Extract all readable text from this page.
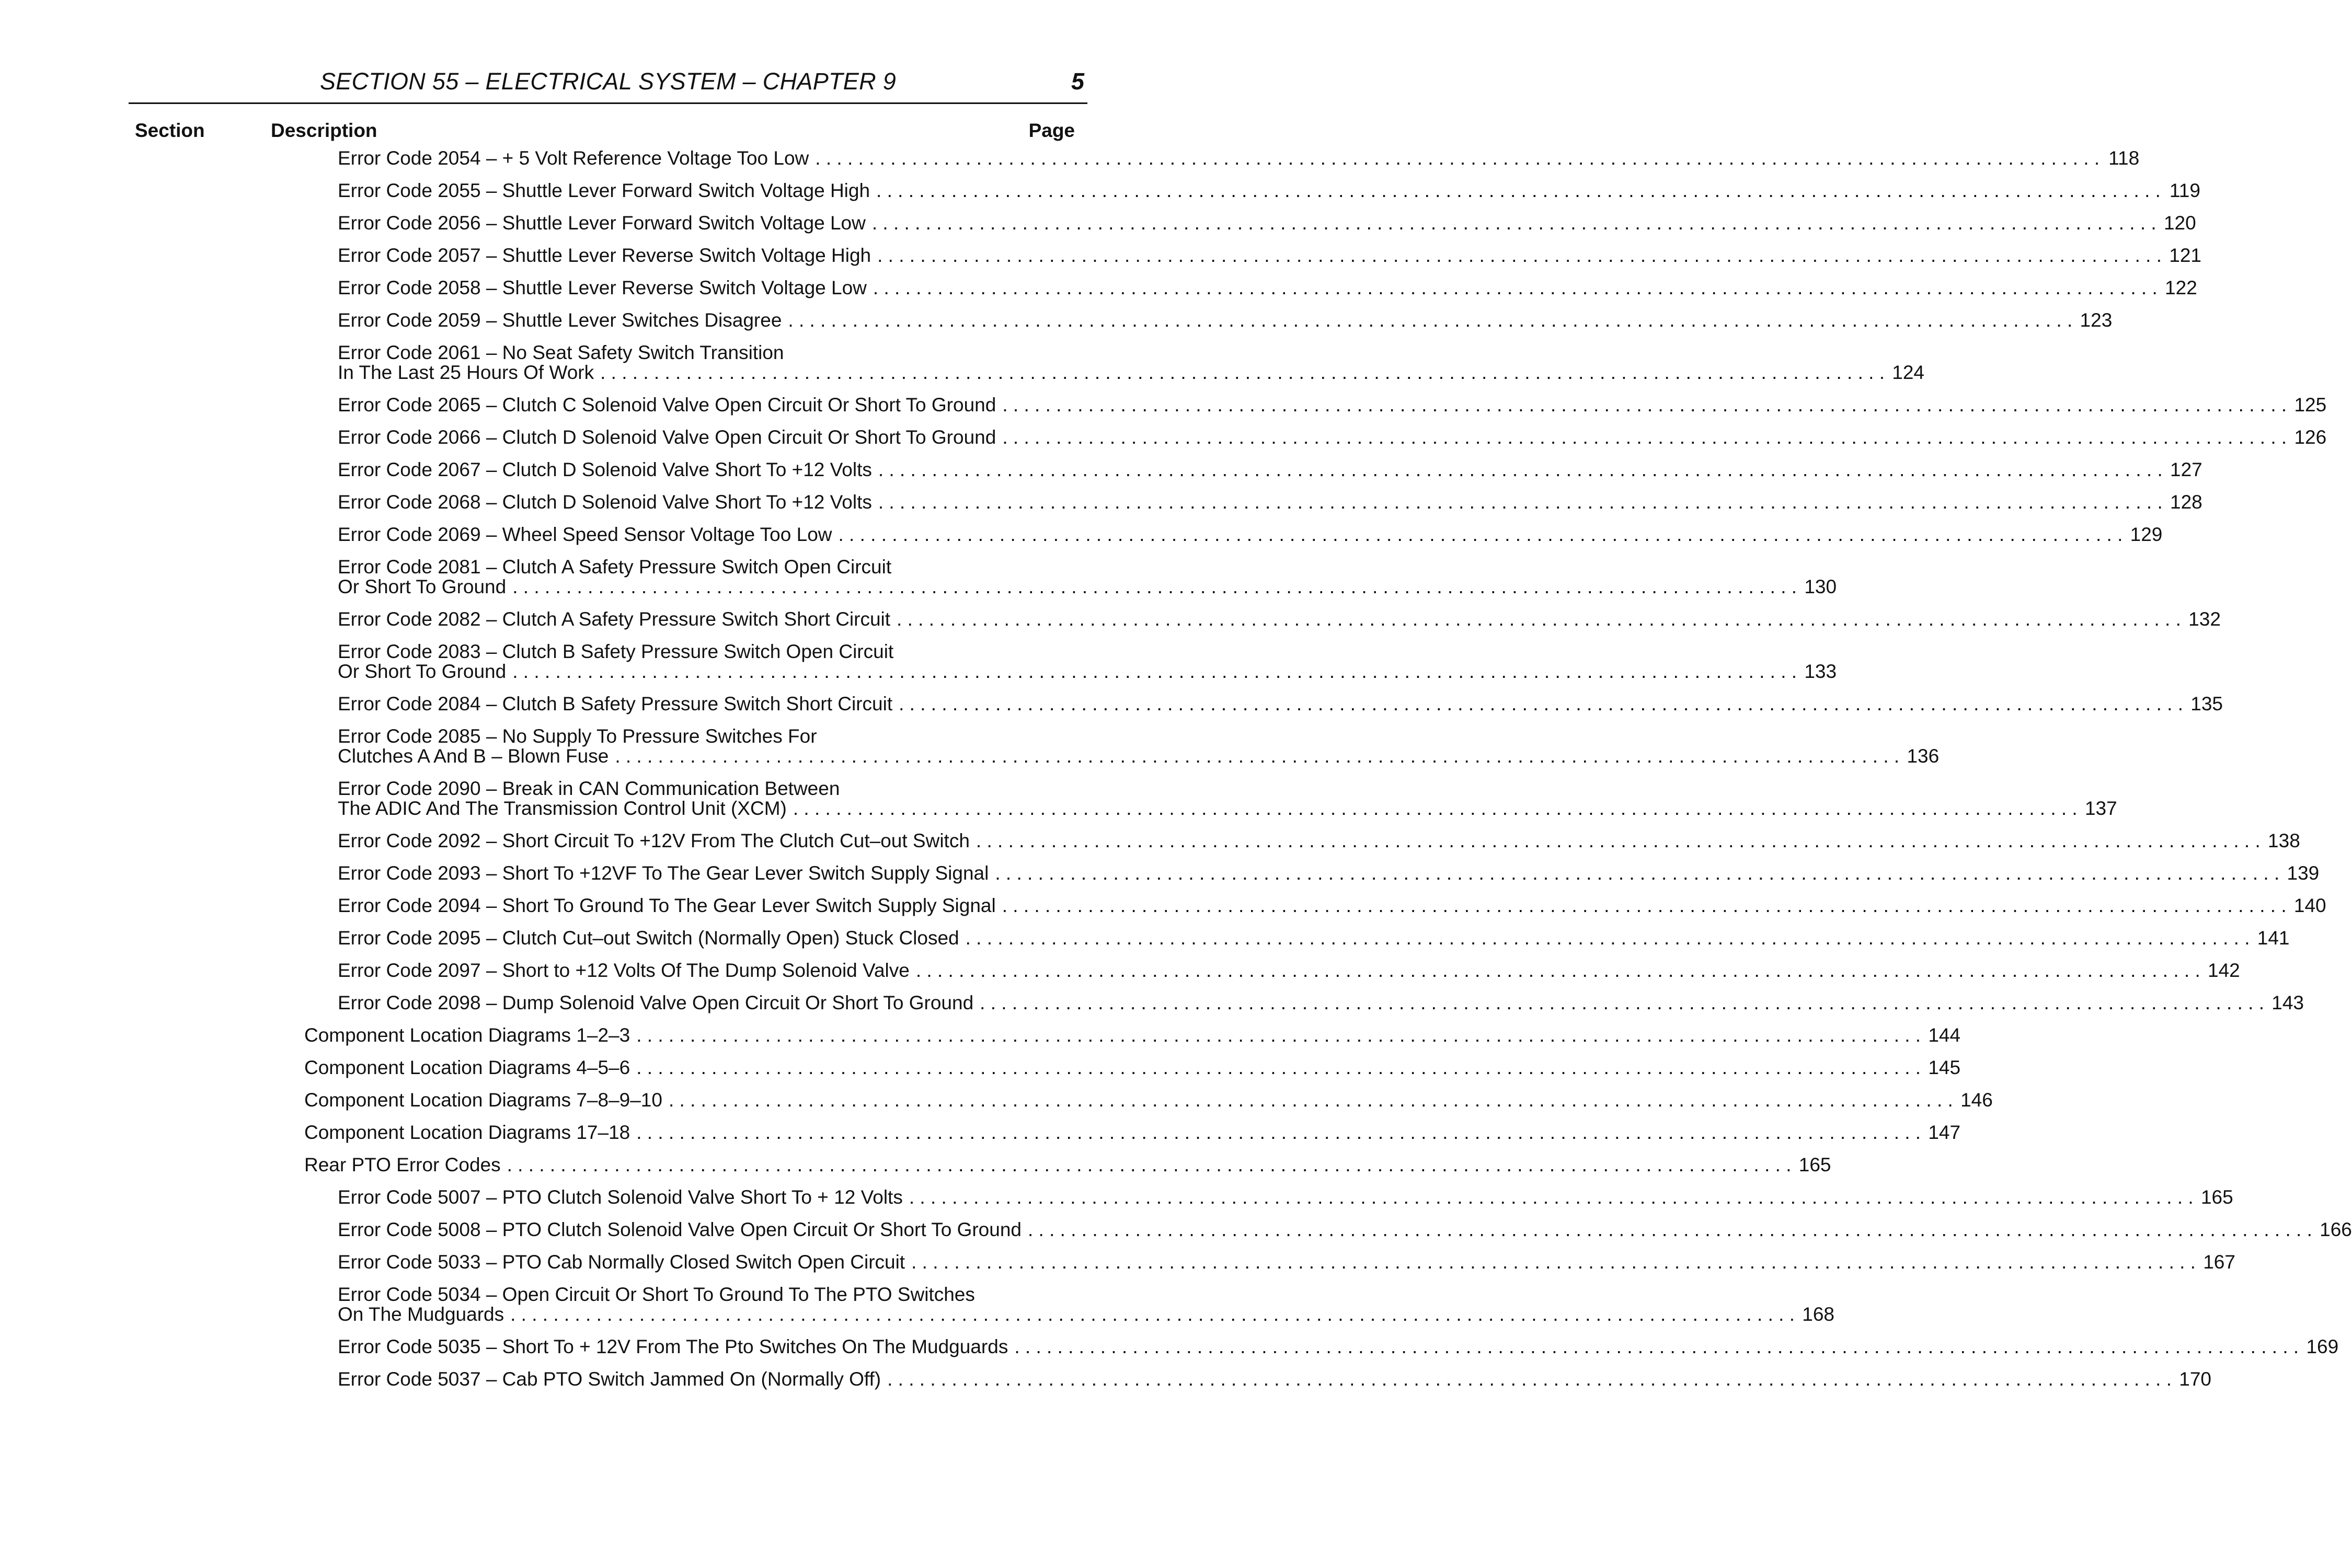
SECTION 55 – ELECTRICAL SYSTEM – CHAPTER 9	5
Section	Description	Page
Error Code 2054 – + 5 Volt Reference Voltage Too Low . . . . . . . . . . . . . . . . . . . . . . . . . . . . . . . . . . . . . . . . . . . . . . . . . . . . . . . . . . . . . . . . . . . . . . . . . . . . . . . . . . . . . . . . . . . . . . . . . . . . . . . . . . . . . . . . . . . . . . . . 118
Error Code 2055 – Shuttle Lever Forward Switch Voltage High . . . . . . . . . . . . . . . . . . . . . . . . . . . . . . . . . . . . . . . . . . . . . . . . . . . . . . . . . . . . . . . . . . . . . . . . . . . . . . . . . . . . . . . . . . . . . . . . . . . . . . . . . . . . . . . . . . . . . . . . 119
Error Code 2056 – Shuttle Lever Forward Switch Voltage Low . . . . . . . . . . . . . . . . . . . . . . . . . . . . . . . . . . . . . . . . . . . . . . . . . . . . . . . . . . . . . . . . . . . . . . . . . . . . . . . . . . . . . . . . . . . . . . . . . . . . . . . . . . . . . . . . . . . . . . . . 120
Error Code 2057 – Shuttle Lever Reverse Switch Voltage High . . . . . . . . . . . . . . . . . . . . . . . . . . . . . . . . . . . . . . . . . . . . . . . . . . . . . . . . . . . . . . . . . . . . . . . . . . . . . . . . . . . . . . . . . . . . . . . . . . . . . . . . . . . . . . . . . . . . . . . . 121
Error Code 2058 – Shuttle Lever Reverse Switch Voltage Low . . . . . . . . . . . . . . . . . . . . . . . . . . . . . . . . . . . . . . . . . . . . . . . . . . . . . . . . . . . . . . . . . . . . . . . . . . . . . . . . . . . . . . . . . . . . . . . . . . . . . . . . . . . . . . . . . . . . . . . . 122
Error Code 2059 – Shuttle Lever Switches Disagree . . . . . . . . . . . . . . . . . . . . . . . . . . . . . . . . . . . . . . . . . . . . . . . . . . . . . . . . . . . . . . . . . . . . . . . . . . . . . . . . . . . . . . . . . . . . . . . . . . . . . . . . . . . . . . . . . . . . . . . . 123
Error Code 2061 – No Seat Safety Switch Transition
In The Last 25 Hours Of Work . . . . . . . . . . . . . . . . . . . . . . . . . . . . . . . . . . . . . . . . . . . . . . . . . . . . . . . . . . . . . . . . . . . . . . . . . . . . . . . . . . . . . . . . . . . . . . . . . . . . . . . . . . . . . . . . . . . . . . . . 124
Error Code 2065 – Clutch C Solenoid Valve Open Circuit Or Short To Ground . . . . . . . . . . . . . . . . . . . . . . . . . . . . . . . . . . . . . . . . . . . . . . . . . . . . . . . . . . . . . . . . . . . . . . . . . . . . . . . . . . . . . . . . . . . . . . . . . . . . . . . . . . . . . . . . . . . . . . . . 125
Error Code 2066 – Clutch D Solenoid Valve Open Circuit Or Short To Ground . . . . . . . . . . . . . . . . . . . . . . . . . . . . . . . . . . . . . . . . . . . . . . . . . . . . . . . . . . . . . . . . . . . . . . . . . . . . . . . . . . . . . . . . . . . . . . . . . . . . . . . . . . . . . . . . . . . . . . . . 126
Error Code 2067 – Clutch D Solenoid Valve Short To +12 Volts . . . . . . . . . . . . . . . . . . . . . . . . . . . . . . . . . . . . . . . . . . . . . . . . . . . . . . . . . . . . . . . . . . . . . . . . . . . . . . . . . . . . . . . . . . . . . . . . . . . . . . . . . . . . . . . . . . . . . . . . 127
Error Code 2068 – Clutch D Solenoid Valve Short To +12 Volts . . . . . . . . . . . . . . . . . . . . . . . . . . . . . . . . . . . . . . . . . . . . . . . . . . . . . . . . . . . . . . . . . . . . . . . . . . . . . . . . . . . . . . . . . . . . . . . . . . . . . . . . . . . . . . . . . . . . . . . . 128
Error Code 2069 – Wheel Speed Sensor Voltage Too Low . . . . . . . . . . . . . . . . . . . . . . . . . . . . . . . . . . . . . . . . . . . . . . . . . . . . . . . . . . . . . . . . . . . . . . . . . . . . . . . . . . . . . . . . . . . . . . . . . . . . . . . . . . . . . . . . . . . . . . . . 129
Error Code 2081 – Clutch A Safety Pressure Switch Open Circuit
Or Short To Ground . . . . . . . . . . . . . . . . . . . . . . . . . . . . . . . . . . . . . . . . . . . . . . . . . . . . . . . . . . . . . . . . . . . . . . . . . . . . . . . . . . . . . . . . . . . . . . . . . . . . . . . . . . . . . . . . . . . . . . . . 130
Error Code 2082 – Clutch A Safety Pressure Switch Short Circuit . . . . . . . . . . . . . . . . . . . . . . . . . . . . . . . . . . . . . . . . . . . . . . . . . . . . . . . . . . . . . . . . . . . . . . . . . . . . . . . . . . . . . . . . . . . . . . . . . . . . . . . . . . . . . . . . . . . . . . . . 132
Error Code 2083 – Clutch B Safety Pressure Switch Open Circuit
Or Short To Ground . . . . . . . . . . . . . . . . . . . . . . . . . . . . . . . . . . . . . . . . . . . . . . . . . . . . . . . . . . . . . . . . . . . . . . . . . . . . . . . . . . . . . . . . . . . . . . . . . . . . . . . . . . . . . . . . . . . . . . . . 133
Error Code 2084 – Clutch B Safety Pressure Switch Short Circuit . . . . . . . . . . . . . . . . . . . . . . . . . . . . . . . . . . . . . . . . . . . . . . . . . . . . . . . . . . . . . . . . . . . . . . . . . . . . . . . . . . . . . . . . . . . . . . . . . . . . . . . . . . . . . . . . . . . . . . . . 135
Error Code 2085 – No Supply To Pressure Switches For
Clutches A And B – Blown Fuse . . . . . . . . . . . . . . . . . . . . . . . . . . . . . . . . . . . . . . . . . . . . . . . . . . . . . . . . . . . . . . . . . . . . . . . . . . . . . . . . . . . . . . . . . . . . . . . . . . . . . . . . . . . . . . . . . . . . . . . . 136
Error Code 2090 – Break in CAN Communication Between
The ADIC And The Transmission Control Unit (XCM) . . . . . . . . . . . . . . . . . . . . . . . . . . . . . . . . . . . . . . . . . . . . . . . . . . . . . . . . . . . . . . . . . . . . . . . . . . . . . . . . . . . . . . . . . . . . . . . . . . . . . . . . . . . . . . . . . . . . . . . . 137
Error Code 2092 – Short Circuit To +12V From The Clutch Cut–out Switch . . . . . . . . . . . . . . . . . . . . . . . . . . . . . . . . . . . . . . . . . . . . . . . . . . . . . . . . . . . . . . . . . . . . . . . . . . . . . . . . . . . . . . . . . . . . . . . . . . . . . . . . . . . . . . . . . . . . . . . . 138
Error Code 2093 – Short To +12VF To The Gear Lever Switch Supply Signal . . . . . . . . . . . . . . . . . . . . . . . . . . . . . . . . . . . . . . . . . . . . . . . . . . . . . . . . . . . . . . . . . . . . . . . . . . . . . . . . . . . . . . . . . . . . . . . . . . . . . . . . . . . . . . . . . . . . . . . . 139
Error Code 2094 – Short To Ground To The Gear Lever Switch Supply Signal . . . . . . . . . . . . . . . . . . . . . . . . . . . . . . . . . . . . . . . . . . . . . . . . . . . . . . . . . . . . . . . . . . . . . . . . . . . . . . . . . . . . . . . . . . . . . . . . . . . . . . . . . . . . . . . . . . . . . . . . 140
Error Code 2095 – Clutch Cut–out Switch (Normally Open) Stuck Closed . . . . . . . . . . . . . . . . . . . . . . . . . . . . . . . . . . . . . . . . . . . . . . . . . . . . . . . . . . . . . . . . . . . . . . . . . . . . . . . . . . . . . . . . . . . . . . . . . . . . . . . . . . . . . . . . . . . . . . . . 141
Error Code 2097 – Short to +12 Volts Of The Dump Solenoid Valve . . . . . . . . . . . . . . . . . . . . . . . . . . . . . . . . . . . . . . . . . . . . . . . . . . . . . . . . . . . . . . . . . . . . . . . . . . . . . . . . . . . . . . . . . . . . . . . . . . . . . . . . . . . . . . . . . . . . . . . . 142
Error Code 2098 – Dump Solenoid Valve Open Circuit Or Short To Ground . . . . . . . . . . . . . . . . . . . . . . . . . . . . . . . . . . . . . . . . . . . . . . . . . . . . . . . . . . . . . . . . . . . . . . . . . . . . . . . . . . . . . . . . . . . . . . . . . . . . . . . . . . . . . . . . . . . . . . . . 143
Component Location Diagrams 1–2–3 . . . . . . . . . . . . . . . . . . . . . . . . . . . . . . . . . . . . . . . . . . . . . . . . . . . . . . . . . . . . . . . . . . . . . . . . . . . . . . . . . . . . . . . . . . . . . . . . . . . . . . . . . . . . . . . . . . . . . . . . 144
Component Location Diagrams 4–5–6 . . . . . . . . . . . . . . . . . . . . . . . . . . . . . . . . . . . . . . . . . . . . . . . . . . . . . . . . . . . . . . . . . . . . . . . . . . . . . . . . . . . . . . . . . . . . . . . . . . . . . . . . . . . . . . . . . . . . . . . . 145
Component Location Diagrams 7–8–9–10 . . . . . . . . . . . . . . . . . . . . . . . . . . . . . . . . . . . . . . . . . . . . . . . . . . . . . . . . . . . . . . . . . . . . . . . . . . . . . . . . . . . . . . . . . . . . . . . . . . . . . . . . . . . . . . . . . . . . . . . . 146
Component Location Diagrams 17–18 . . . . . . . . . . . . . . . . . . . . . . . . . . . . . . . . . . . . . . . . . . . . . . . . . . . . . . . . . . . . . . . . . . . . . . . . . . . . . . . . . . . . . . . . . . . . . . . . . . . . . . . . . . . . . . . . . . . . . . . . 147
Rear PTO Error Codes . . . . . . . . . . . . . . . . . . . . . . . . . . . . . . . . . . . . . . . . . . . . . . . . . . . . . . . . . . . . . . . . . . . . . . . . . . . . . . . . . . . . . . . . . . . . . . . . . . . . . . . . . . . . . . . . . . . . . . . . 165
Error Code 5007 – PTO Clutch Solenoid Valve Short To + 12 Volts . . . . . . . . . . . . . . . . . . . . . . . . . . . . . . . . . . . . . . . . . . . . . . . . . . . . . . . . . . . . . . . . . . . . . . . . . . . . . . . . . . . . . . . . . . . . . . . . . . . . . . . . . . . . . . . . . . . . . . . . 165
Error Code 5008 – PTO Clutch Solenoid Valve Open Circuit Or Short To Ground . . . . . . . . . . . . . . . . . . . . . . . . . . . . . . . . . . . . . . . . . . . . . . . . . . . . . . . . . . . . . . . . . . . . . . . . . . . . . . . . . . . . . . . . . . . . . . . . . . . . . . . . . . . . . . . . . . . . . . . . 166
Error Code 5033 – PTO Cab Normally Closed Switch Open Circuit . . . . . . . . . . . . . . . . . . . . . . . . . . . . . . . . . . . . . . . . . . . . . . . . . . . . . . . . . . . . . . . . . . . . . . . . . . . . . . . . . . . . . . . . . . . . . . . . . . . . . . . . . . . . . . . . . . . . . . . . 167
Error Code 5034 – Open Circuit Or Short To Ground To The PTO Switches
On The Mudguards . . . . . . . . . . . . . . . . . . . . . . . . . . . . . . . . . . . . . . . . . . . . . . . . . . . . . . . . . . . . . . . . . . . . . . . . . . . . . . . . . . . . . . . . . . . . . . . . . . . . . . . . . . . . . . . . . . . . . . . . 168
Error Code 5035 – Short To + 12V From The Pto Switches On The Mudguards . . . . . . . . . . . . . . . . . . . . . . . . . . . . . . . . . . . . . . . . . . . . . . . . . . . . . . . . . . . . . . . . . . . . . . . . . . . . . . . . . . . . . . . . . . . . . . . . . . . . . . . . . . . . . . . . . . . . . . . . 169
Error Code 5037 – Cab PTO Switch Jammed On (Normally Off) . . . . . . . . . . . . . . . . . . . . . . . . . . . . . . . . . . . . . . . . . . . . . . . . . . . . . . . . . . . . . . . . . . . . . . . . . . . . . . . . . . . . . . . . . . . . . . . . . . . . . . . . . . . . . . . . . . . . . . . . 170
